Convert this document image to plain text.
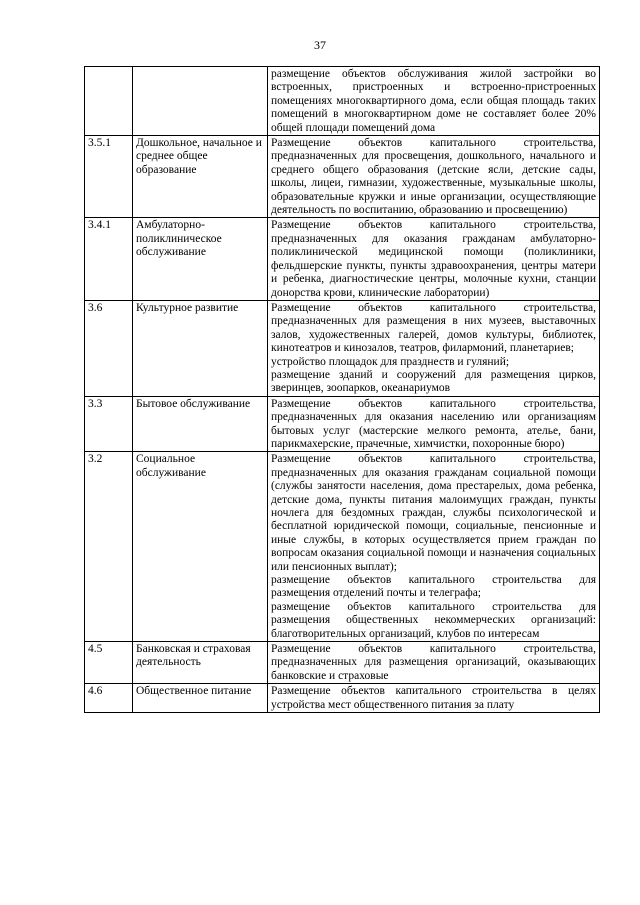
37

		размещение объектов обслуживания жилой застройки во встроенных, пристроенных и встроенно-пристроенных помещениях многоквартирного дома, если общая площадь таких помещений в многоквартирном доме не составляет более 20% общей площади помещений дома

3.5.1	Дошкольное, начальное и среднее общее образование	Размещение объектов капитального строительства, предназначенных для просвещения, дошкольного, начального и среднего общего образования (детские ясли, детские сады, школы, лицеи, гимназии, художественные, музыкальные школы, образовательные кружки и иные организации, осуществляющие деятельность по воспитанию, образованию и просвещению)

3.4.1	Амбулаторно-поликлиническое обслуживание	Размещение объектов капитального строительства, предназначенных для оказания гражданам амбулаторно-поликлинической медицинской помощи (поликлиники, фельдшерские пункты, пункты здравоохранения, центры матери и ребенка, диагностические центры, молочные кухни, станции донорства крови, клинические лаборатории)

3.6	Культурное развитие	Размещение объектов капитального строительства, предназначенных для размещения в них музеев, выставочных залов, художественных галерей, домов культуры, библиотек, кинотеатров и кинозалов, театров, филармоний, планетариев;

устройство площадок для празднеств и гуляний;

размещение зданий и сооружений для размещения цирков, зверинцев, зоопарков, океанариумов

3.3	Бытовое обслуживание	Размещение объектов капитального строительства, предназначенных для оказания населению или организациям бытовых услуг (мастерские мелкого ремонта, ателье, бани, парикмахерские, прачечные, химчистки, похоронные бюро)

3.2	Социальное обслуживание	Размещение объектов капитального строительства, предназначенных для оказания гражданам социальной помощи (службы занятости населения, дома престарелых, дома ребенка, детские дома, пункты питания малоимущих граждан, пункты ночлега для бездомных граждан, службы психологической и бесплатной юридической помощи, социальные, пенсионные и иные службы, в которых осуществляется прием граждан по вопросам оказания социальной помощи и назначения социальных или пенсионных выплат);

размещение объектов капитального строительства для размещения отделений почты и телеграфа;

размещение объектов капитального строительства для размещения общественных некоммерческих организаций: благотворительных организаций, клубов по интересам

4.5	Банковская и страховая деятельность	Размещение объектов капитального строительства, предназначенных для размещения организаций, оказывающих банковские и страховые

4.6	Общественное питание	Размещение объектов капитального строительства в целях устройства мест общественного питания за плату
